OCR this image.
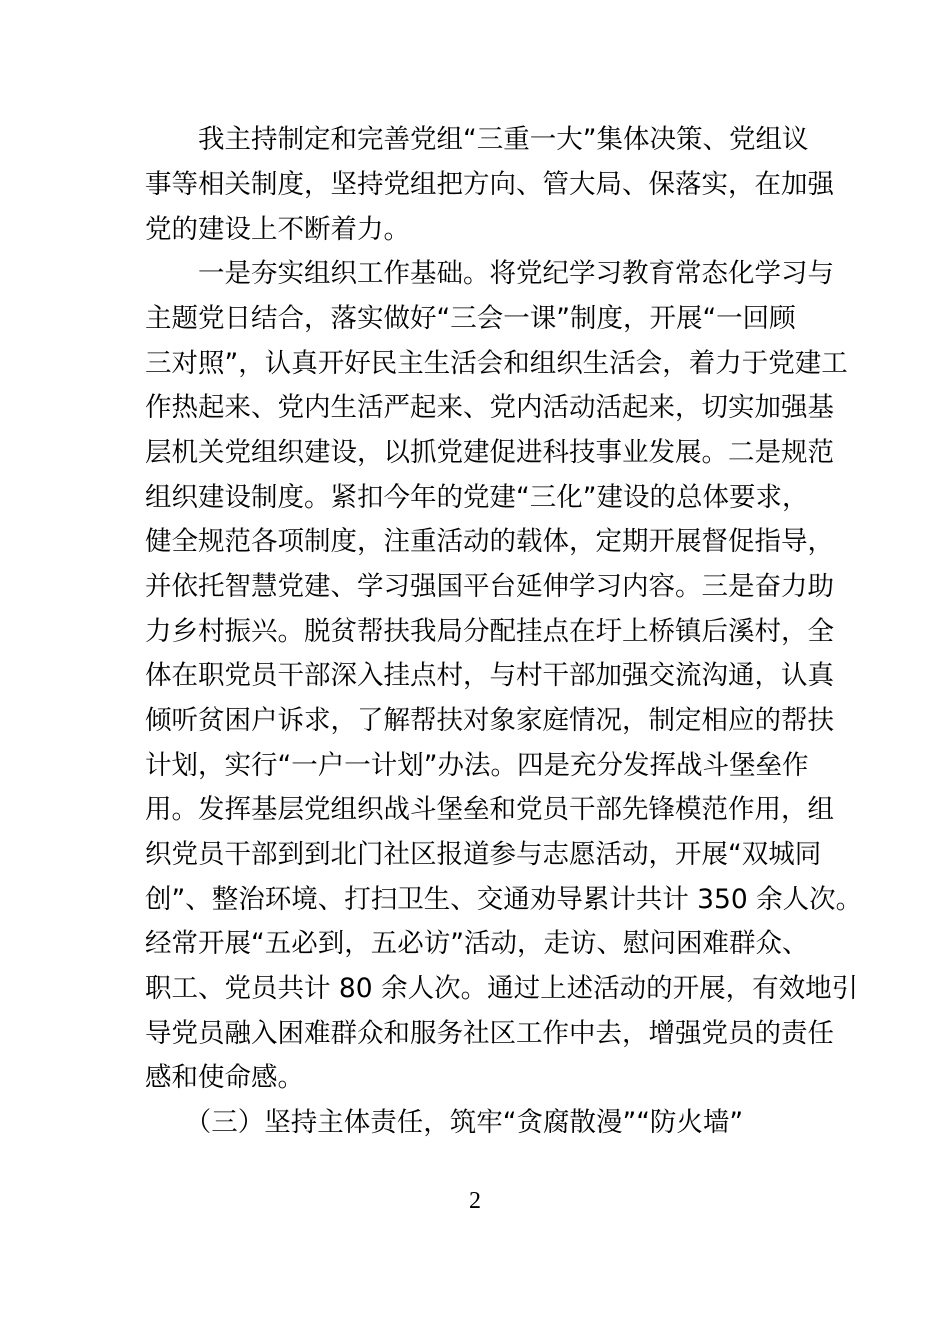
　　我主持制定和完善党组“三重一大”集体决策、党组议

事等相关制度，坚持党组把方向、管大局、保落实，在加强

党的建设上不断着力。

　　一是夯实组织工作基础。将党纪学习教育常态化学习与

主题党日结合，落实做好“三会一课”制度，开展“一回顾

三对照”，认真开好民主生活会和组织生活会，着力于党建工

作热起来、党内生活严起来、党内活动活起来，切实加强基

层机关党组织建设，以抓党建促进科技事业发展。二是规范

组织建设制度。紧扣今年的党建“三化”建设的总体要求，

健全规范各项制度，注重活动的载体，定期开展督促指导，

并依托智慧党建、学习强国平台延伸学习内容。三是奋力助

力乡村振兴。脱贫帮扶我局分配挂点在圩上桥镇后溪村，全

体在职党员干部深入挂点村，与村干部加强交流沟通，认真

倾听贫困户诉求，了解帮扶对象家庭情况，制定相应的帮扶

计划，实行“一户一计划”办法。四是充分发挥战斗堡垒作

用。发挥基层党组织战斗堡垒和党员干部先锋模范作用，组

织党员干部到到北门社区报道参与志愿活动，开展“双城同

创”、整治环境、打扫卫生、交通劝导累计共计 350 余人次。

经常开展“五必到，五必访”活动，走访、慰问困难群众、

职工、党员共计 80 余人次。通过上述活动的开展，有效地引

导党员融入困难群众和服务社区工作中去，增强党员的责任

感和使命感。

　　（三）坚持主体责任，筑牢“贪腐散漫”“防火墙”

2
